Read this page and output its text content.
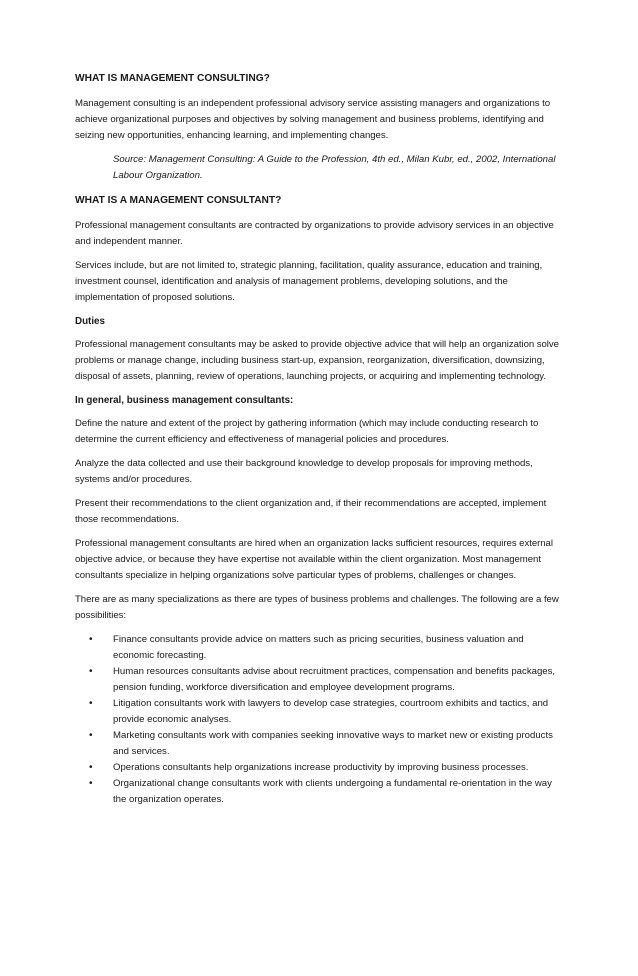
WHAT IS MANAGEMENT CONSULTING?

Management consulting is an independent professional advisory service assisting managers and organizations to achieve organizational purposes and objectives by solving management and business problems, identifying and seizing new opportunities, enhancing learning, and implementing changes.

Source: Management Consulting: A Guide to the Profession, 4th ed., Milan Kubr, ed., 2002, International Labour Organization.

WHAT IS A MANAGEMENT CONSULTANT?

Professional management consultants are contracted by organizations to provide advisory services in an objective and independent manner.

Services include, but are not limited to, strategic planning, facilitation, quality assurance, education and training, investment counsel, identification and analysis of management problems, developing solutions, and the implementation of proposed solutions.

Duties

Professional management consultants may be asked to provide objective advice that will help an organization solve problems or manage change, including business start-up, expansion, reorganization, diversification, downsizing, disposal of assets, planning, review of operations, launching projects, or acquiring and implementing technology.

In general, business management consultants:

Define the nature and extent of the project by gathering information (which may include conducting research to determine the current efficiency and effectiveness of managerial policies and procedures.

Analyze the data collected and use their background knowledge to develop proposals for improving methods, systems and/or procedures.

Present their recommendations to the client organization and, if their recommendations are accepted, implement those recommendations.

Professional management consultants are hired when an organization lacks sufficient resources, requires external objective advice, or because they have expertise not available within the client organization. Most management consultants specialize in helping organizations solve particular types of problems, challenges or changes.

There are as many specializations as there are types of business problems and challenges. The following are a few possibilities:

• Finance consultants provide advice on matters such as pricing securities, business valuation and economic forecasting.
• Human resources consultants advise about recruitment practices, compensation and benefits packages, pension funding, workforce diversification and employee development programs.
• Litigation consultants work with lawyers to develop case strategies, courtroom exhibits and tactics, and provide economic analyses.
• Marketing consultants work with companies seeking innovative ways to market new or existing products and services.
• Operations consultants help organizations increase productivity by improving business processes.
• Organizational change consultants work with clients undergoing a fundamental re-orientation in the way the organization operates.
